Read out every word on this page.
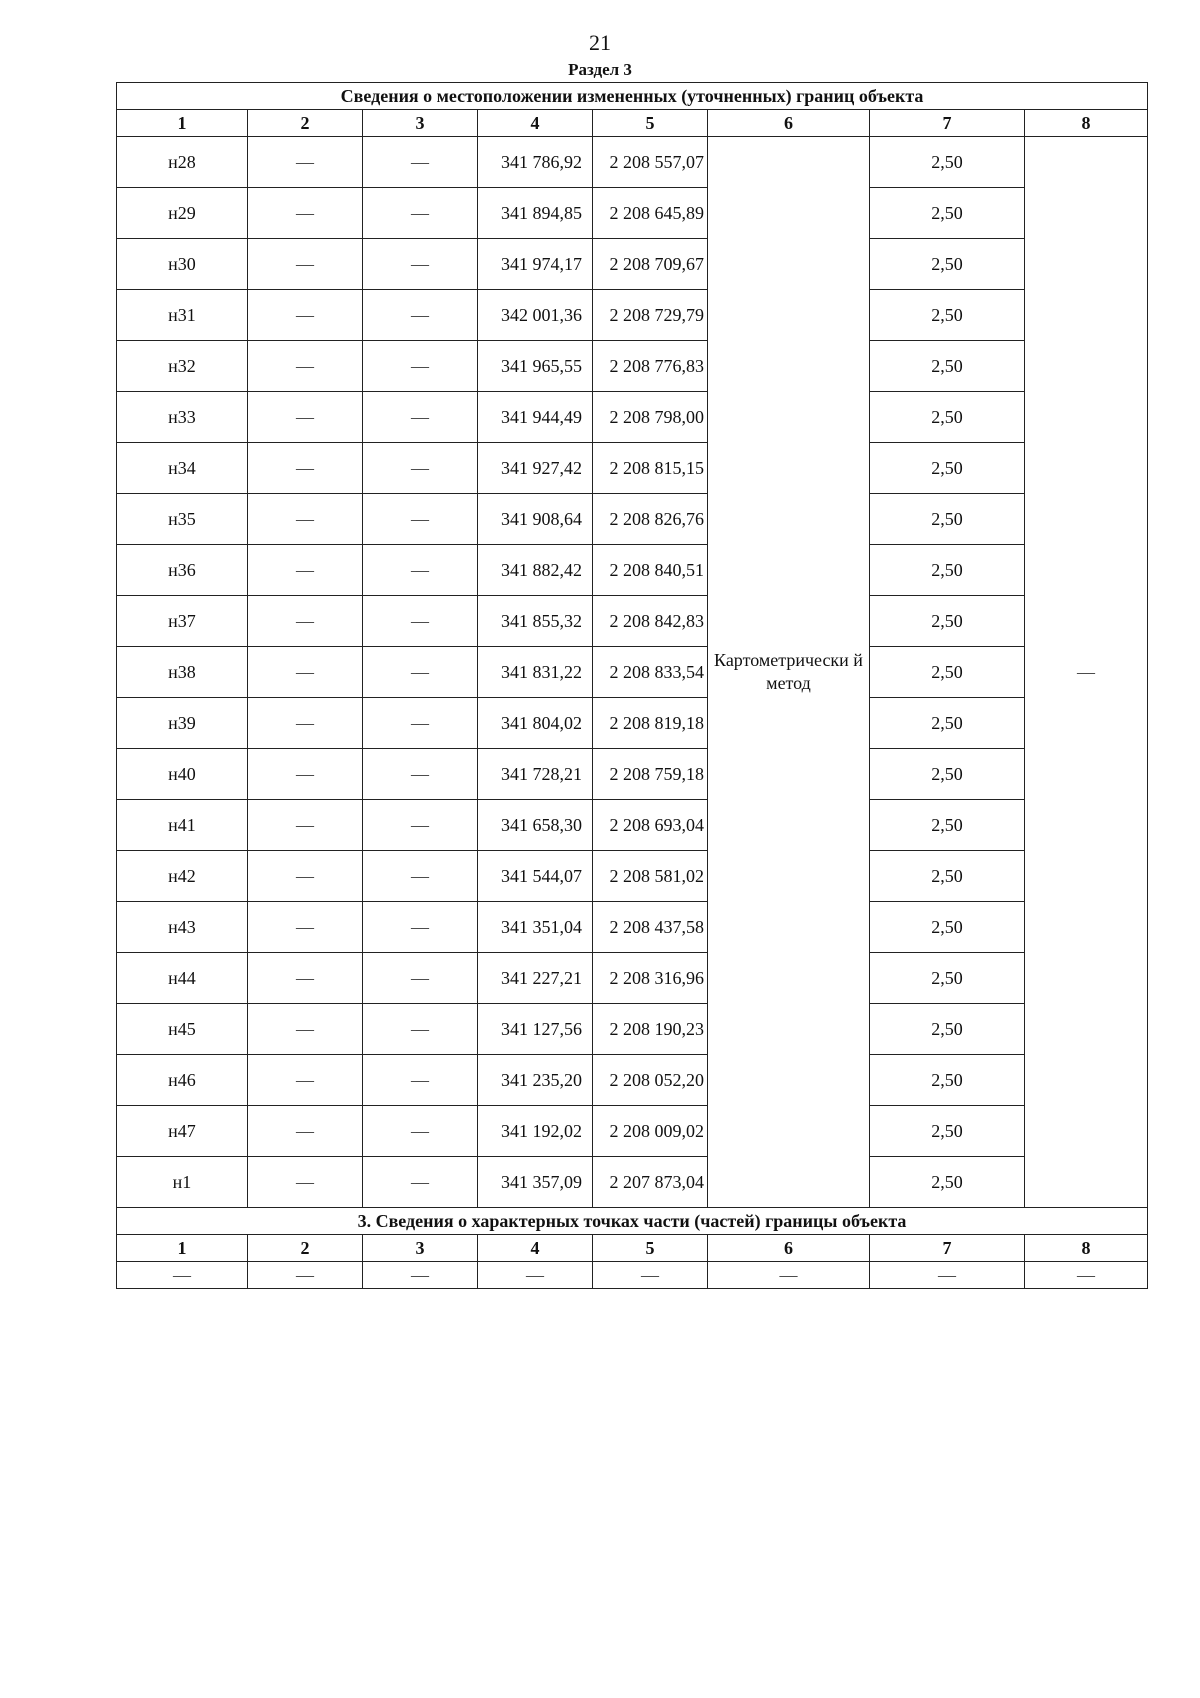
21
Раздел 3
Сведения о местоположении измененных (уточненных) границ объекта							
1	2	3	4	5	6	7	8
н28	—	—	341 786,92	2 208 557,07	Картометрически й метод	2,50	—
н29	—	—	341 894,85	2 208 645,89		2,50	
н30	—	—	341 974,17	2 208 709,67		2,50	
н31	—	—	342 001,36	2 208 729,79		2,50	
н32	—	—	341 965,55	2 208 776,83		2,50	
н33	—	—	341 944,49	2 208 798,00		2,50	
н34	—	—	341 927,42	2 208 815,15		2,50	
н35	—	—	341 908,64	2 208 826,76		2,50	
н36	—	—	341 882,42	2 208 840,51		2,50	
н37	—	—	341 855,32	2 208 842,83		2,50	
н38	—	—	341 831,22	2 208 833,54		2,50	
н39	—	—	341 804,02	2 208 819,18		2,50	
н40	—	—	341 728,21	2 208 759,18		2,50	
н41	—	—	341 658,30	2 208 693,04		2,50	
н42	—	—	341 544,07	2 208 581,02		2,50	
н43	—	—	341 351,04	2 208 437,58		2,50	
н44	—	—	341 227,21	2 208 316,96		2,50	
н45	—	—	341 127,56	2 208 190,23		2,50	
н46	—	—	341 235,20	2 208 052,20		2,50	
н47	—	—	341 192,02	2 208 009,02		2,50	
н1	—	—	341 357,09	2 207 873,04		2,50	
3. Сведения о характерных точках части (частей) границы объекта							
1	2	3	4	5	6	7	8
—	—	—	—	—	—	—	—
